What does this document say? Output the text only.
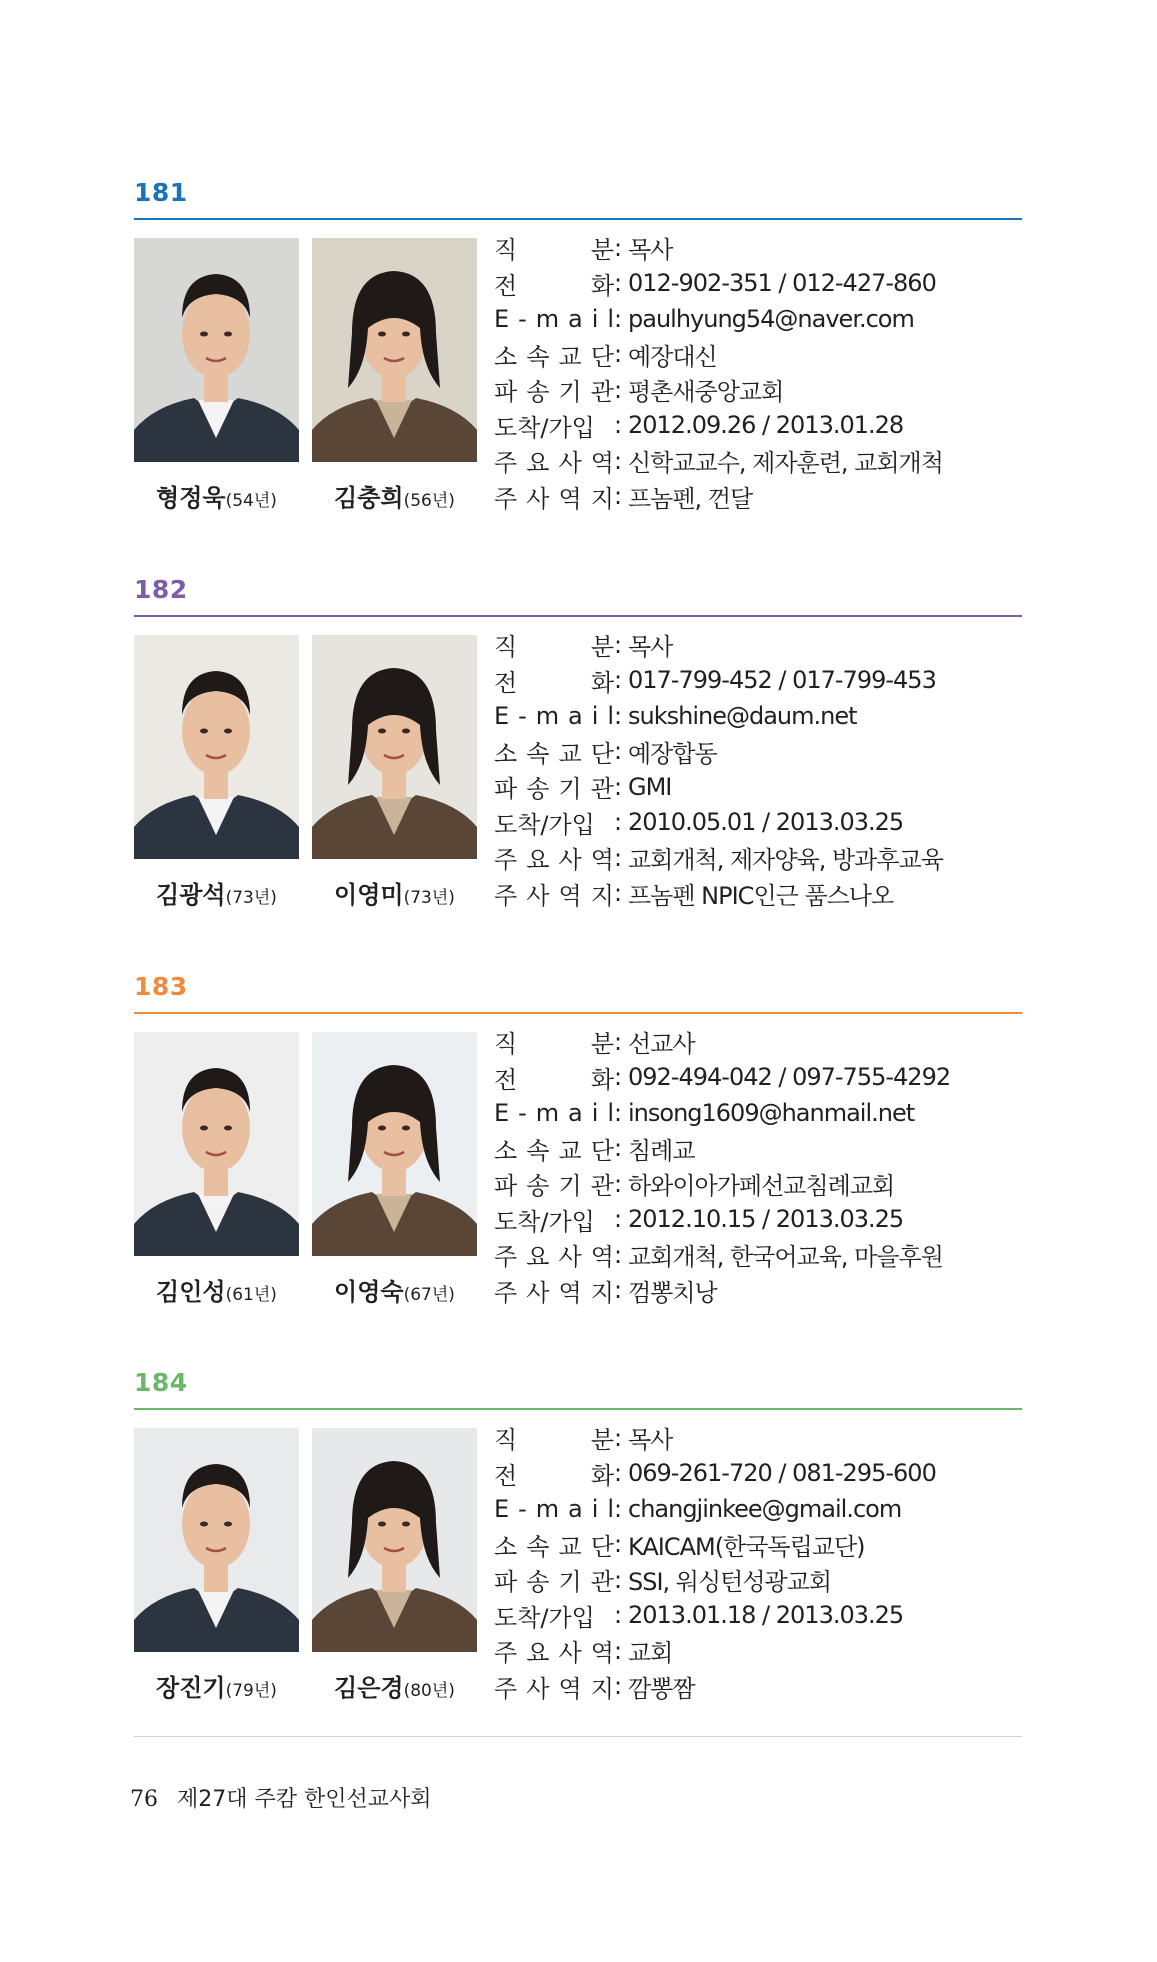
181
형정욱(54년)	김충희(56년)
직	분 : 목사
전	화 : 012-902-351 / 012-427-860
E - m a i l : paulhyung54@naver.com
소 속 교 단 : 예장대신
파 송 기 관 : 평촌새중앙교회
도착/가입 : 2012.09.26 / 2013.01.28
주 요 사 역 : 신학교교수, 제자훈련, 교회개척
주 사 역 지 : 프놈펜, 껀달
182
김광석(73년)	이영미(73년)
직	분 : 목사
전	화 : 017-799-452 / 017-799-453
E - m a i l : sukshine@daum.net
소 속 교 단 : 예장합동
파 송 기 관 : GMI
도착/가입 : 2010.05.01 / 2013.03.25
주 요 사 역 : 교회개척, 제자양육, 방과후교육
주 사 역 지 : 프놈펜 NPIC인근 품스나오
183
김인성(61년)	이영숙(67년)
직	분 : 선교사
전	화 : 092-494-042 / 097-755-4292
E - m a i l : insong1609@hanmail.net
소 속 교 단 : 침례교
파 송 기 관 : 하와이아가페선교침례교회
도착/가입 : 2012.10.15 / 2013.03.25
주 요 사 역 : 교회개척, 한국어교육, 마을후원
주 사 역 지 : 껌뽕치낭
184
장진기(79년)	김은경(80년)
직	분 : 목사
전	화 : 069-261-720 / 081-295-600
E - m a i l : changjinkee@gmail.com
소 속 교 단 : KAICAM(한국독립교단)
파 송 기 관 : SSI, 워싱턴성광교회
도착/가입 : 2013.01.18 / 2013.03.25
주 요 사 역 : 교회
주 사 역 지 : 깜뽕짬
76 제27대 주캄 한인선교사회
